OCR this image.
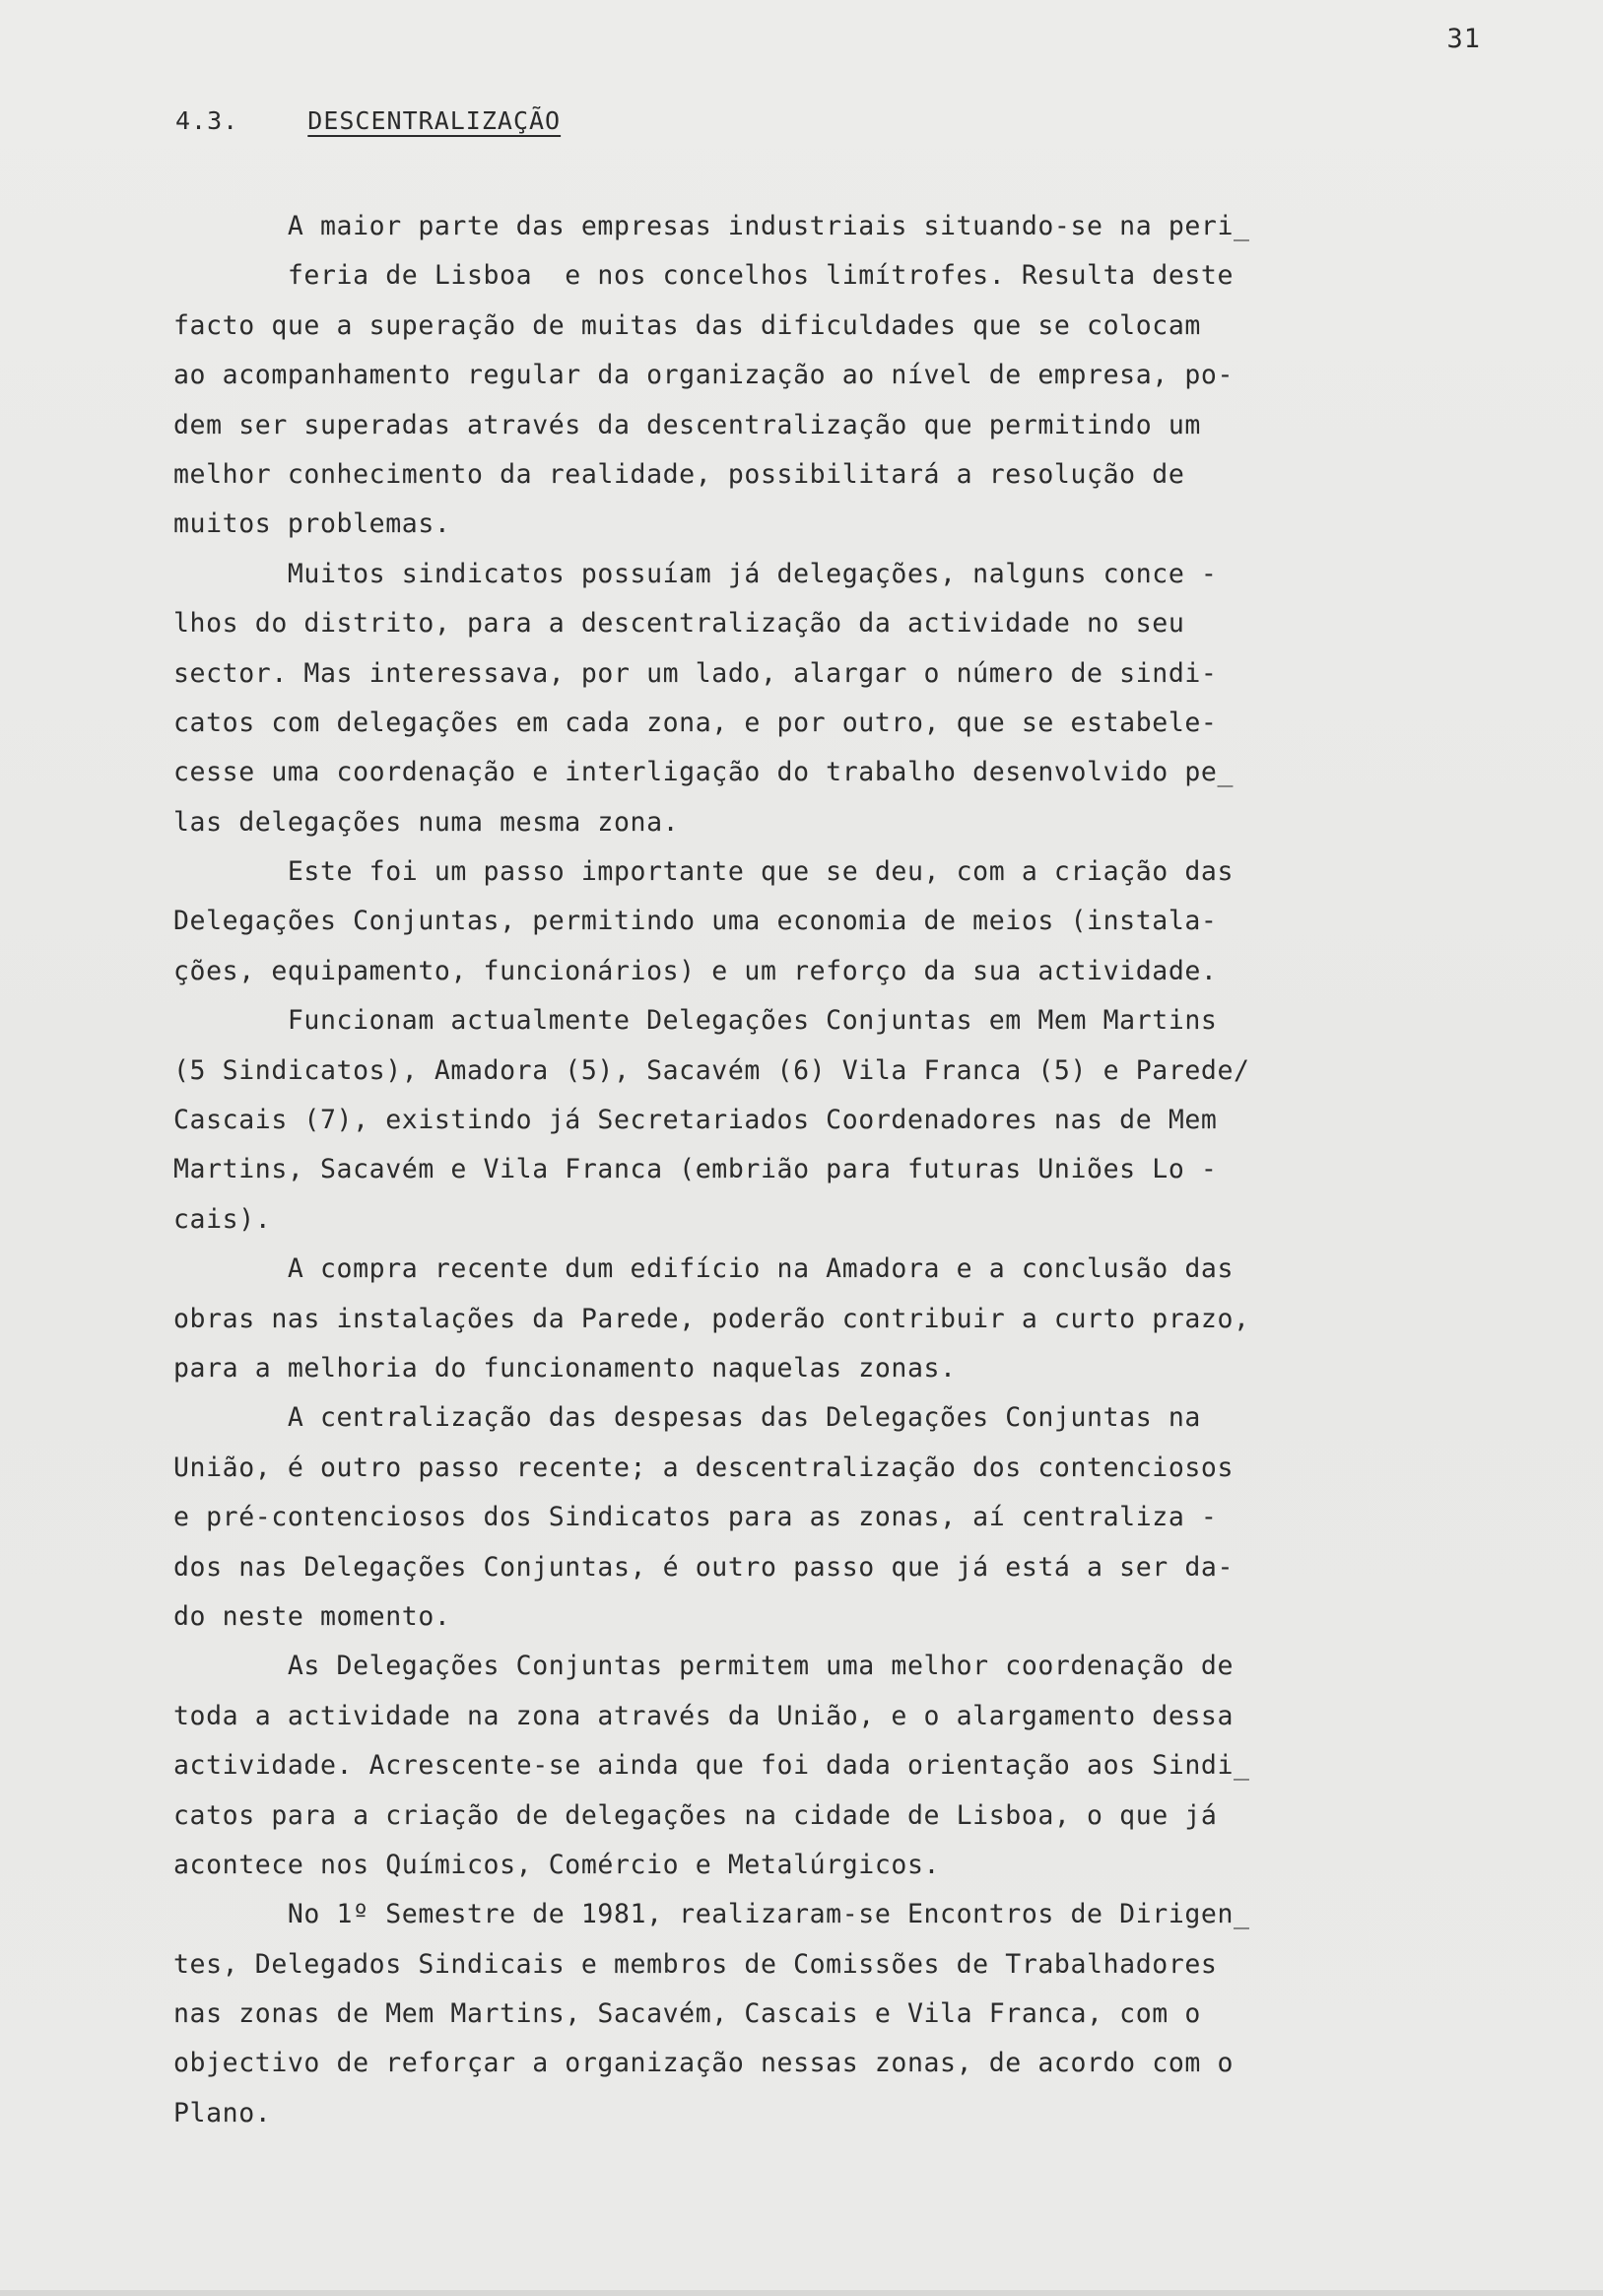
31
4.3.	DESCENTRALIZAÇÃO
A maior parte das empresas industriais situando-se na peri_
feria de Lisboa  e nos concelhos limítrofes. Resulta deste
facto que a superação de muitas das dificuldades que se colocam
ao acompanhamento regular da organização ao nível de empresa, po-
dem ser superadas através da descentralização que permitindo um
melhor conhecimento da realidade, possibilitará a resolução de
muitos problemas.
Muitos sindicatos possuíam já delegações, nalguns conce -
lhos do distrito, para a descentralização da actividade no seu
sector. Mas interessava, por um lado, alargar o número de sindi-
catos com delegações em cada zona, e por outro, que se estabele-
cesse uma coordenação e interligação do trabalho desenvolvido pe_
las delegações numa mesma zona.
Este foi um passo importante que se deu, com a criação das
Delegações Conjuntas, permitindo uma economia de meios (instala-
ções, equipamento, funcionários) e um reforço da sua actividade.
Funcionam actualmente Delegações Conjuntas em Mem Martins
(5 Sindicatos), Amadora (5), Sacavém (6) Vila Franca (5) e Parede/
Cascais (7), existindo já Secretariados Coordenadores nas de Mem
Martins, Sacavém e Vila Franca (embrião para futuras Uniões Lo -
cais).
A compra recente dum edifício na Amadora e a conclusão das
obras nas instalações da Parede, poderão contribuir a curto prazo,
para a melhoria do funcionamento naquelas zonas.
A centralização das despesas das Delegações Conjuntas na
União, é outro passo recente; a descentralização dos contenciosos
e pré-contenciosos dos Sindicatos para as zonas, aí centraliza -
dos nas Delegações Conjuntas, é outro passo que já está a ser da-
do neste momento.
As Delegações Conjuntas permitem uma melhor coordenação de
toda a actividade na zona através da União, e o alargamento dessa
actividade. Acrescente-se ainda que foi dada orientação aos Sindi_
catos para a criação de delegações na cidade de Lisboa, o que já
acontece nos Químicos, Comércio e Metalúrgicos.
No 1º Semestre de 1981, realizaram-se Encontros de Dirigen_
tes, Delegados Sindicais e membros de Comissões de Trabalhadores
nas zonas de Mem Martins, Sacavém, Cascais e Vila Franca, com o
objectivo de reforçar a organização nessas zonas, de acordo com o
Plano.
